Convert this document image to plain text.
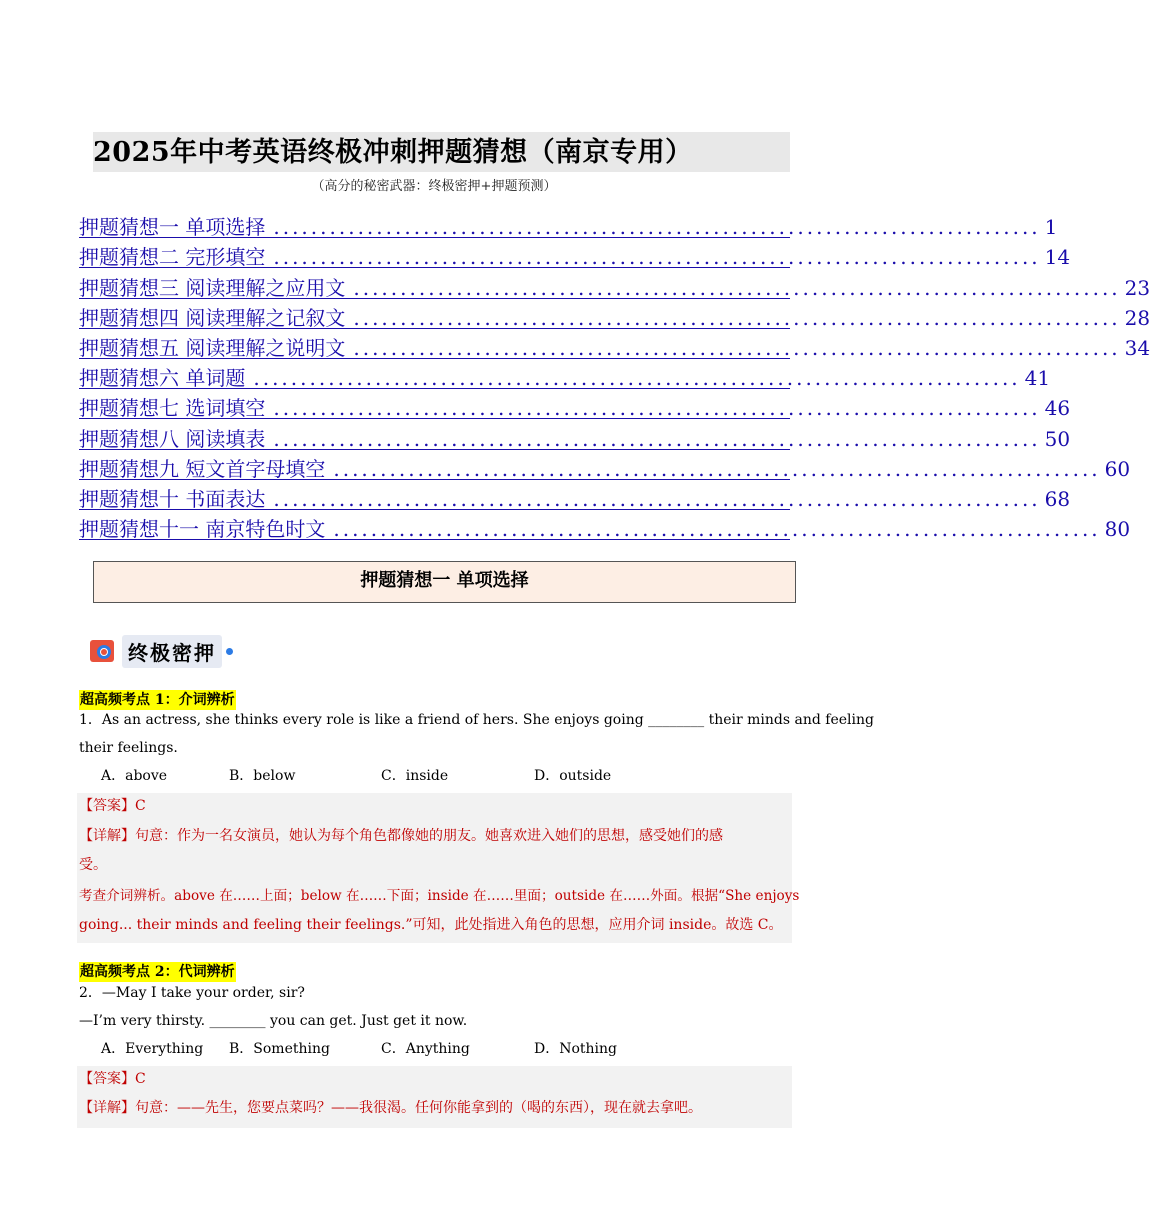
2025年中考英语终极冲刺押题猜想（南京专用）
（高分的秘密武器：终极密押+押题预测）
押题猜想一 单项选择 .................................................................................. 1
押题猜想二 完形填空 .................................................................................. 14
押题猜想三 阅读理解之应用文 .................................................................................. 23
押题猜想四 阅读理解之记叙文 .................................................................................. 28
押题猜想五 阅读理解之说明文 .................................................................................. 34
押题猜想六 单词题 .................................................................................. 41
押题猜想七 选词填空 .................................................................................. 46
押题猜想八 阅读填表 .................................................................................. 50
押题猜想九 短文首字母填空 .................................................................................. 60
押题猜想十 书面表达 .................................................................................. 68
押题猜想十一 南京特色时文 .................................................................................. 80
押题猜想一 单项选择
终极密押
超高频考点 1：介词辨析
1．As an actress, she thinks every role is like a friend of hers. She enjoys going ________ their minds and feeling
their feelings.
A．above	B．below	C．inside	D．outside
【答案】C
【详解】句意：作为一名女演员，她认为每个角色都像她的朋友。她喜欢进入她们的思想，感受她们的感
受。
考查介词辨析。above 在……上面；below 在……下面；inside 在……里面；outside 在……外面。根据“She enjoys
going... their minds and feeling their feelings.”可知，此处指进入角色的思想，应用介词 inside。故选 C。
超高频考点 2：代词辨析
2．—May I take your order, sir?
—I’m very thirsty. ________ you can get. Just get it now.
A．Everything B．Something	C．Anything	D．Nothing
【答案】C
【详解】句意：——先生，您要点菜吗？——我很渴。任何你能拿到的（喝的东西），现在就去拿吧。
